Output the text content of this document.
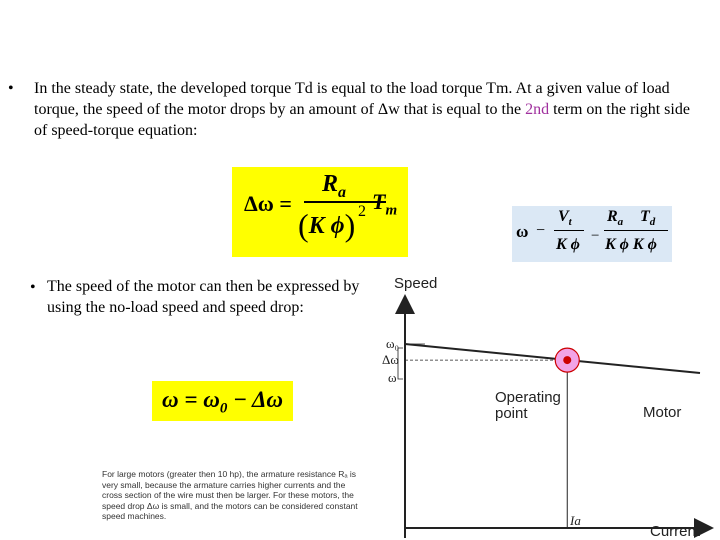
• In the steady state, the developed torque Td is equal to the load torque Tm. At a given value of load torque, the speed of the motor drops by an amount of Δw that is equal to the 2nd term on the right side of speed-torque equation:
Δω =
$R_a$
(K ϕ) 2 $T_m$
ω −
$V_t$
K ϕ −
$R_a$ $T_d$
K ϕ K ϕ
• The speed of the motor can then be expressed by using the no-load speed and speed drop:
$\omega = \omega_0 - \Delta\omega$
For large motors (greater then 10 hp), the armature resistance Rₐ is very small, because the armature carries higher currents and the cross section of the wire must then be larger. For these motors, the speed drop Δω is small, and the motors can be considered constant speed machines.
Speed
Current
Ia
ω₀
ω
Δω
Operating point	Motor
